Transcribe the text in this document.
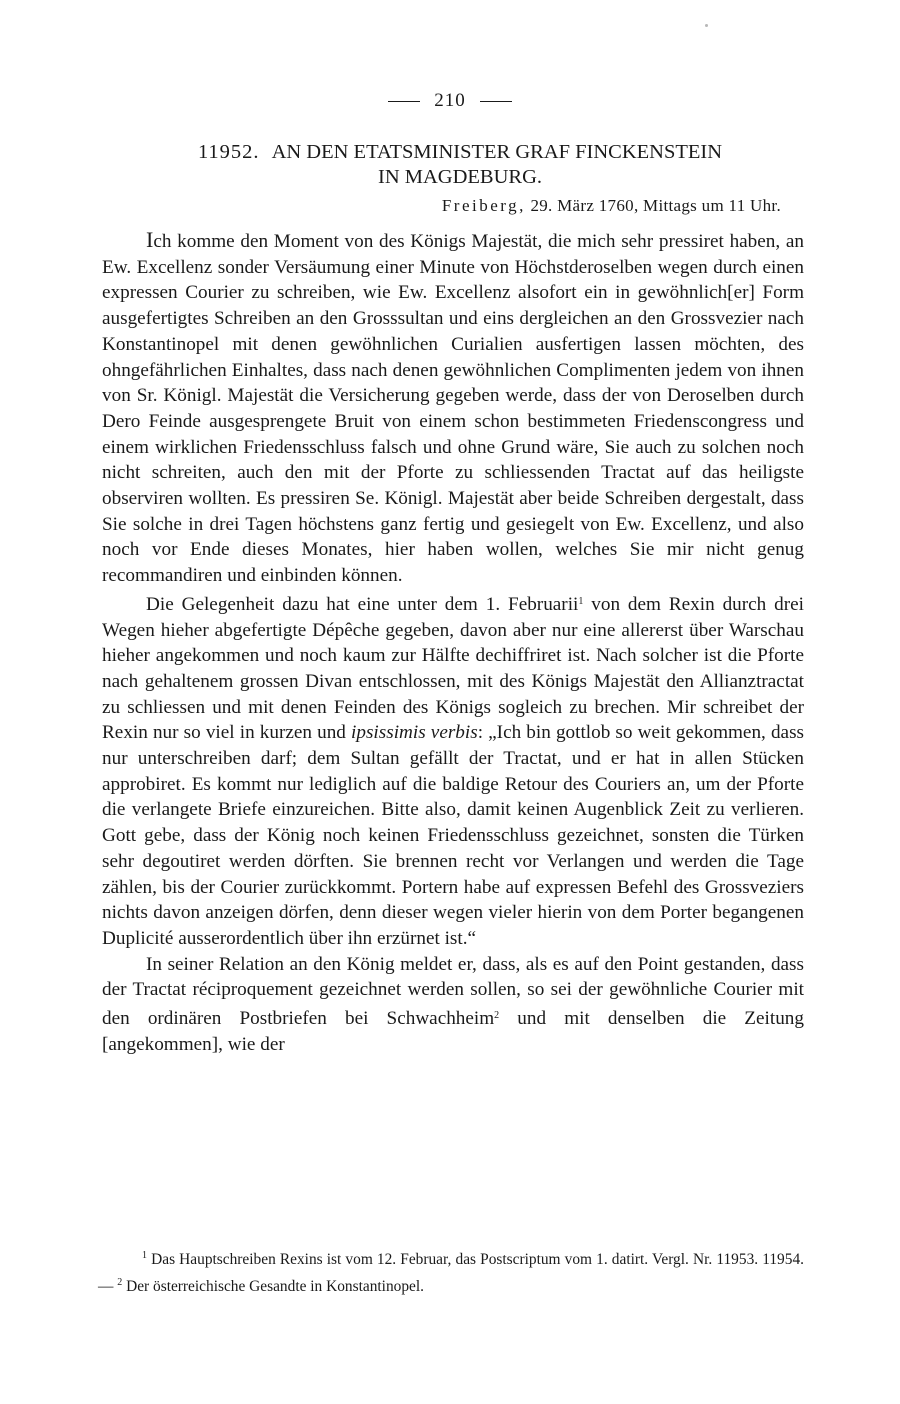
210
11952. AN DEN ETATSMINISTER GRAF FINCKENSTEIN
IN MAGDEBURG.
Freiberg, 29. März 1760, Mittags um 11 Uhr.

Ich komme den Moment von des Königs Majestät, die mich sehr pressiret haben, an Ew. Excellenz sonder Versäumung einer Minute von Höchstderoselben wegen durch einen expressen Courier zu schreiben, wie Ew. Excellenz alsofort ein in gewöhnlich[er] Form ausgefertigtes Schreiben an den Grosssultan und eins dergleichen an den Grossvezier nach Konstantinopel mit denen gewöhnlichen Curialien ausfertigen lassen möchten, des ohngefährlichen Einhaltes, dass nach denen gewöhnlichen Complimenten jedem von ihnen von Sr. Königl. Majestät die Versicherung gegeben werde, dass der von Deroselben durch Dero Feinde ausgesprengete Bruit von einem schon bestimmeten Friedenscongress und einem wirklichen Friedensschluss falsch und ohne Grund wäre, Sie auch zu solchen noch nicht schreiten, auch den mit der Pforte zu schliessenden Tractat auf das heiligste observiren wollten. Es pressiren Se. Königl. Majestät aber beide Schreiben dergestalt, dass Sie solche in drei Tagen höchstens ganz fertig und gesiegelt von Ew. Excellenz, und also noch vor Ende dieses Monates, hier haben wollen, welches Sie mir nicht genug recommandiren und einbinden können.

Die Gelegenheit dazu hat eine unter dem 1. Februarii$^1$ von dem Rexin durch drei Wegen hieher abgefertigte Dépêche gegeben, davon aber nur eine allererst über Warschau hieher angekommen und noch kaum zur Hälfte dechiffriret ist. Nach solcher ist die Pforte nach gehaltenem grossen Divan entschlossen, mit des Königs Majestät den Allianztractat zu schliessen und mit denen Feinden des Königs sogleich zu brechen. Mir schreibet der Rexin nur so viel in kurzen und ipsissimis verbis: „Ich bin gottlob so weit gekommen, dass nur unterschreiben darf; dem Sultan gefällt der Tractat, und er hat in allen Stücken approbiret. Es kommt nur lediglich auf die baldige Retour des Couriers an, um der Pforte die verlangete Briefe einzureichen. Bitte also, damit keinen Augenblick Zeit zu verlieren. Gott gebe, dass der König noch keinen Friedensschluss gezeichnet, sonsten die Türken sehr degoutiret werden dörften. Sie brennen recht vor Verlangen und werden die Tage zählen, bis der Courier zurückkommt. Portern habe auf expressen Befehl des Grossveziers nichts davon anzeigen dörfen, denn dieser wegen vieler hierin von dem Porter begangenen Duplicité ausserordentlich über ihn erzürnet ist.“

In seiner Relation an den König meldet er, dass, als es auf den Point gestanden, dass der Tractat réciproquement gezeichnet werden sollen, so sei der gewöhnliche Courier mit den ordinären Postbriefen bei Schwachheim$^2$ und mit denselben die Zeitung [angekommen], wie der

$^1$ Das Hauptschreiben Rexins ist vom 12. Februar, das Postscriptum vom 1. datirt. Vergl. Nr. 11953. 11954. — $^2$ Der österreichische Gesandte in Konstantinopel.
